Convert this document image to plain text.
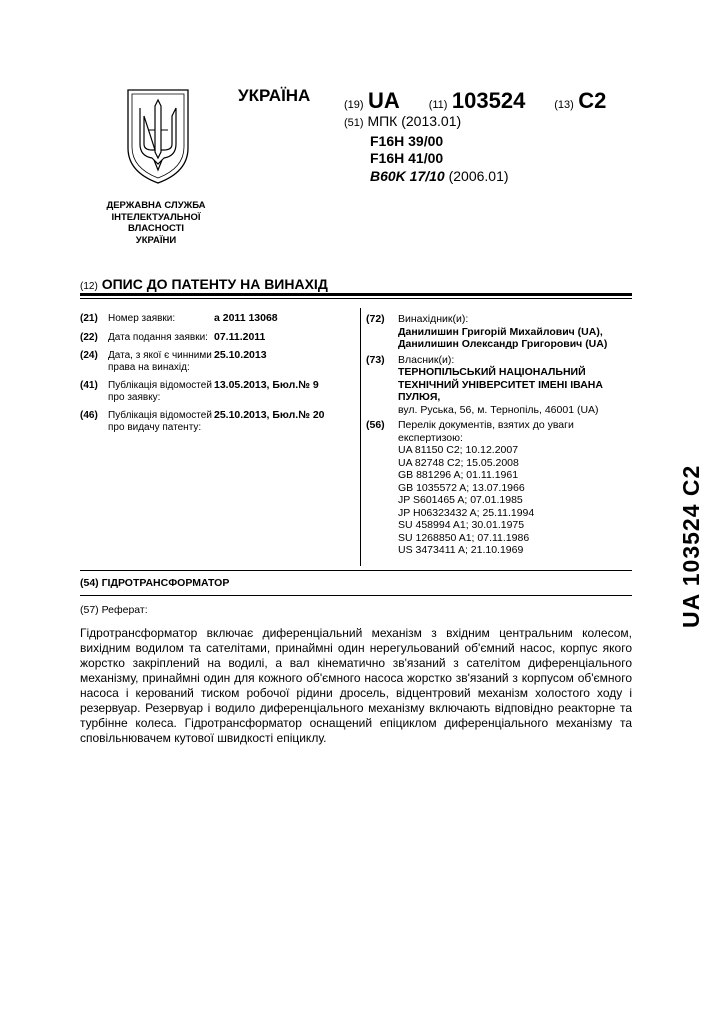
ДЕРЖАВНА СЛУЖБА
ІНТЕЛЕКТУАЛЬНОЇ
ВЛАСНОСТІ
УКРАЇНИ
УКРАЇНА	(19) UA	(11) 103524	(13) C2
(51) МПК (2013.01)
F16H 39/00
F16H 41/00
B60K 17/10 (2006.01)
(12) ОПИС ДО ПАТЕНТУ НА ВИНАХІД
(21)	Номер заявки:	a 2011 13068
(22)	Дата подання заявки: 07.11.2011
(24)	Дата, з якої є чинними права на винахід:
25.10.2013
(41)	Публікація відомостей про заявку:
13.05.2013, Бюл.№ 9
(46)	Публікація відомостей про видачу патенту:
25.10.2013, Бюл.№ 20
(72)	Винахідник(и):
Данилишин Григорій Михайлович (UA),
Данилишин Олександр Григорович (UA)
(73)	Власник(и):
ТЕРНОПІЛЬСЬКИЙ НАЦІОНАЛЬНИЙ
ТЕХНІЧНИЙ УНІВЕРСИТЕТ ІМЕНІ ІВАНА
ПУЛЮЯ,
вул. Руська, 56, м. Тернопіль, 46001 (UA)
(56)	Перелік документів, взятих до уваги
експертизою:
UA 81150 C2; 10.12.2007
UA 82748 C2; 15.05.2008
GB 881296 A; 01.11.1961
GB 1035572 A; 13.07.1966
JP S601465 A; 07.01.1985
JP H06323432 A; 25.11.1994
SU 458994 A1; 30.01.1975
SU 1268850 A1; 07.11.1986
US 3473411 A; 21.10.1969
(54) ГІДРОТРАНСФОРМАТОР
(57) Реферат:
Гідротрансформатор включає диференціальний механізм з вхідним центральним колесом, вихідним водилом та сателітами, принаймні один нерегульований об'ємний насос, корпус якого жорстко закріплений на водилі, а вал кінематично зв'язаний з сателітом диференціального механізму, принаймні один для кожного об'ємного насоса жорстко зв'язаний з корпусом об'ємного насоса і керований тиском робочої рідини дросель, відцентровий механізм холостого ходу і резервуар. Резервуар і водило диференціального механізму включають відповідно реакторне та турбінне колеса. Гідротрансформатор оснащений епіциклом диференціального механізму та сповільнювачем кутової швидкості епіциклу.
UA 103524 C2
